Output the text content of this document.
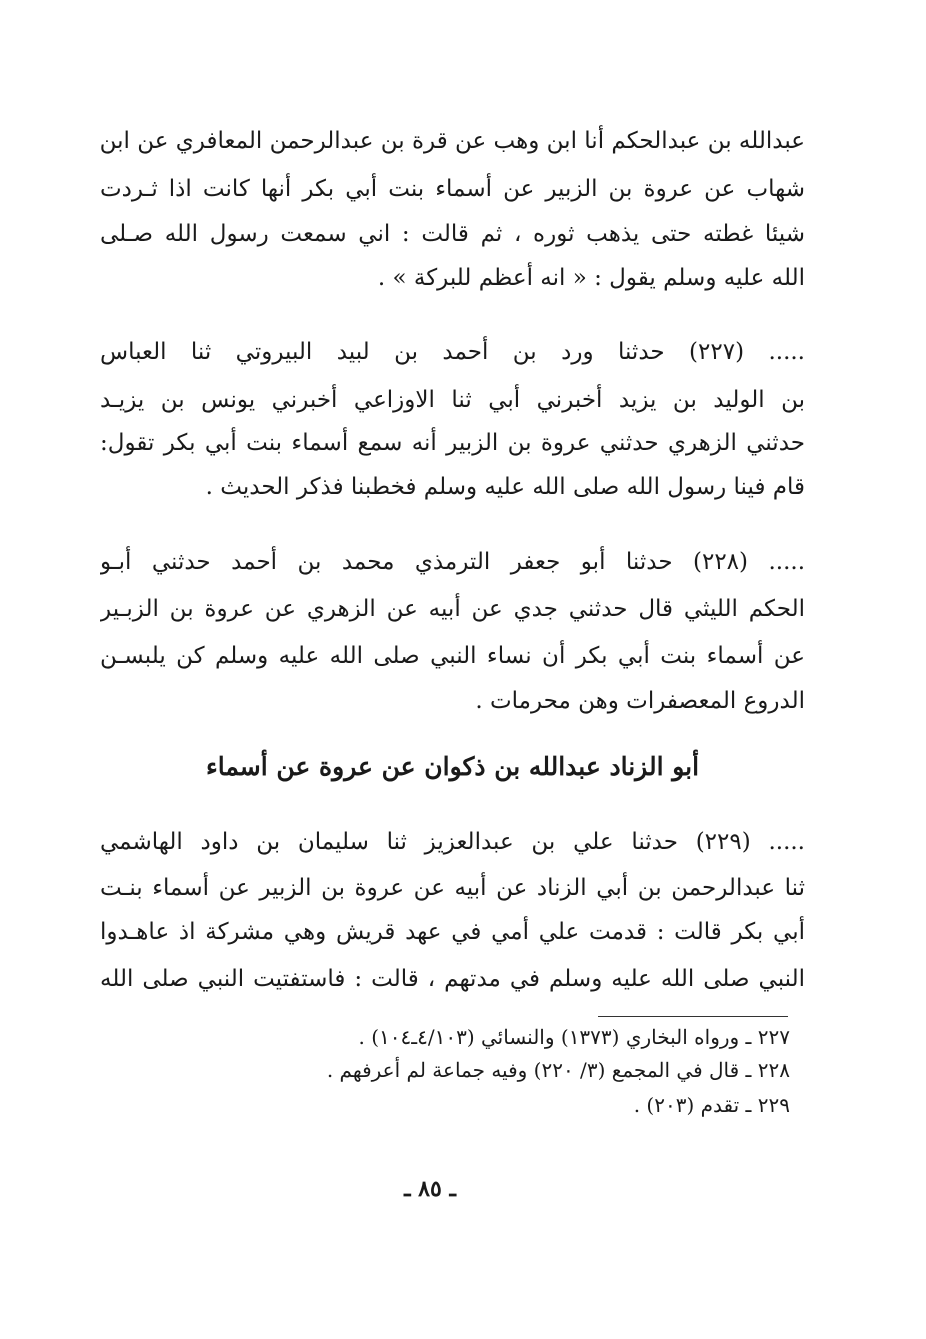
عبدالله بن عبدالحكم أنا ابن وهب عن قرة بن عبدالرحمن المعافري عن ابن
شهاب عن عروة بن الزبير عن أسماء بنت أبي بكر أنها كانت اذا ثـردت
شيئا غطته حتى يذهب ثوره ، ثم قالت : اني سمعت رسول الله صـلى
الله عليه وسلم يقول : « انه أعظم للبركة » .
..... (٢٢٧) حدثنا ورد بن أحمد بن لبيد البيروتي ثنا العباس
بن الوليد بن يزيد أخبرني أبي ثنا الاوزاعي أخبرني يونس بن يزيـد
حدثني الزهري حدثني عروة بن الزبير أنه سمع أسماء بنت أبي بكر تقول:
قام فينا رسول الله صلى الله عليه وسلم فخطبنا فذكر الحديث .
..... (٢٢٨) حدثنا أبو جعفر الترمذي محمد بن أحمد حدثني أبـو
الحكم الليثي قال حدثني جدي عن أبيه عن الزهري عن عروة بن الزبـير
عن أسماء بنت أبي بكر أن نساء النبي صلى الله عليه وسلم كن يلبسـن
الدروع المعصفرات وهن محرمات .
أبو الزناد عبدالله بن ذكوان عن عروة عن أسماء
..... (٢٢٩) حدثنا علي بن عبدالعزيز ثنا سليمان بن داود الهاشمي
ثنا عبدالرحمن بن أبي الزناد عن أبيه عن عروة بن الزبير عن أسماء بنـت
أبي بكر قالت : قدمت علي أمي في عهد قريش وهي مشركة اذ عاهـدوا
النبي صلى الله عليه وسلم في مدتهم ، قالت : فاستفتيت النبي صلى الله
٢٢٧ ـ ورواه البخاري (١٣٧٣) والنسائي (٤/١٠٣ـ١٠٤) .
٢٢٨ ـ قال في المجمع (٣/ ٢٢٠) وفيه جماعة لم أعرفهم .
٢٢٩ ـ تقدم (٢٠٣) .
ـ ٨٥ ـ
